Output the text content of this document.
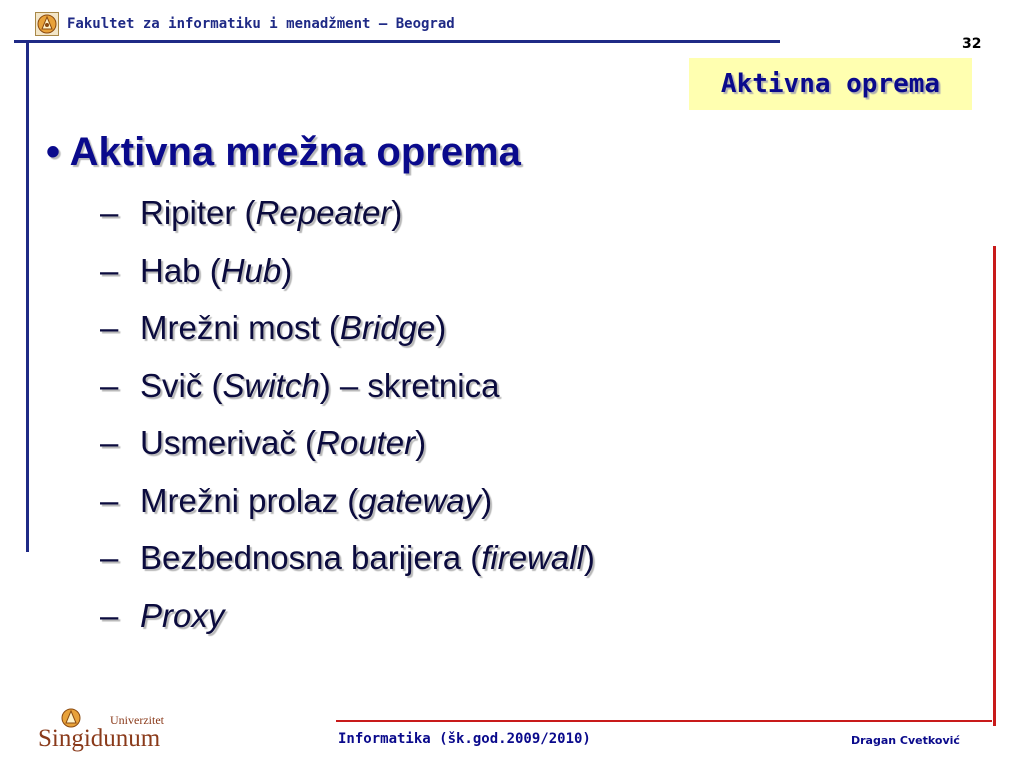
Fakultet za informatiku i menadžment – Beograd
32
Aktivna oprema
• Aktivna mrežna oprema
– Ripiter (Repeater)
– Hab (Hub)
– Mrežni most (Bridge)
– Svič (Switch) – skretnica
– Usmerivač (Router)
– Mrežni prolaz (gateway)
– Bezbednosna barijera (firewall)
– Proxy
Univerzitet
Singidunum	Informatika (šk.god.2009/2010)	Dragan Cvetković
